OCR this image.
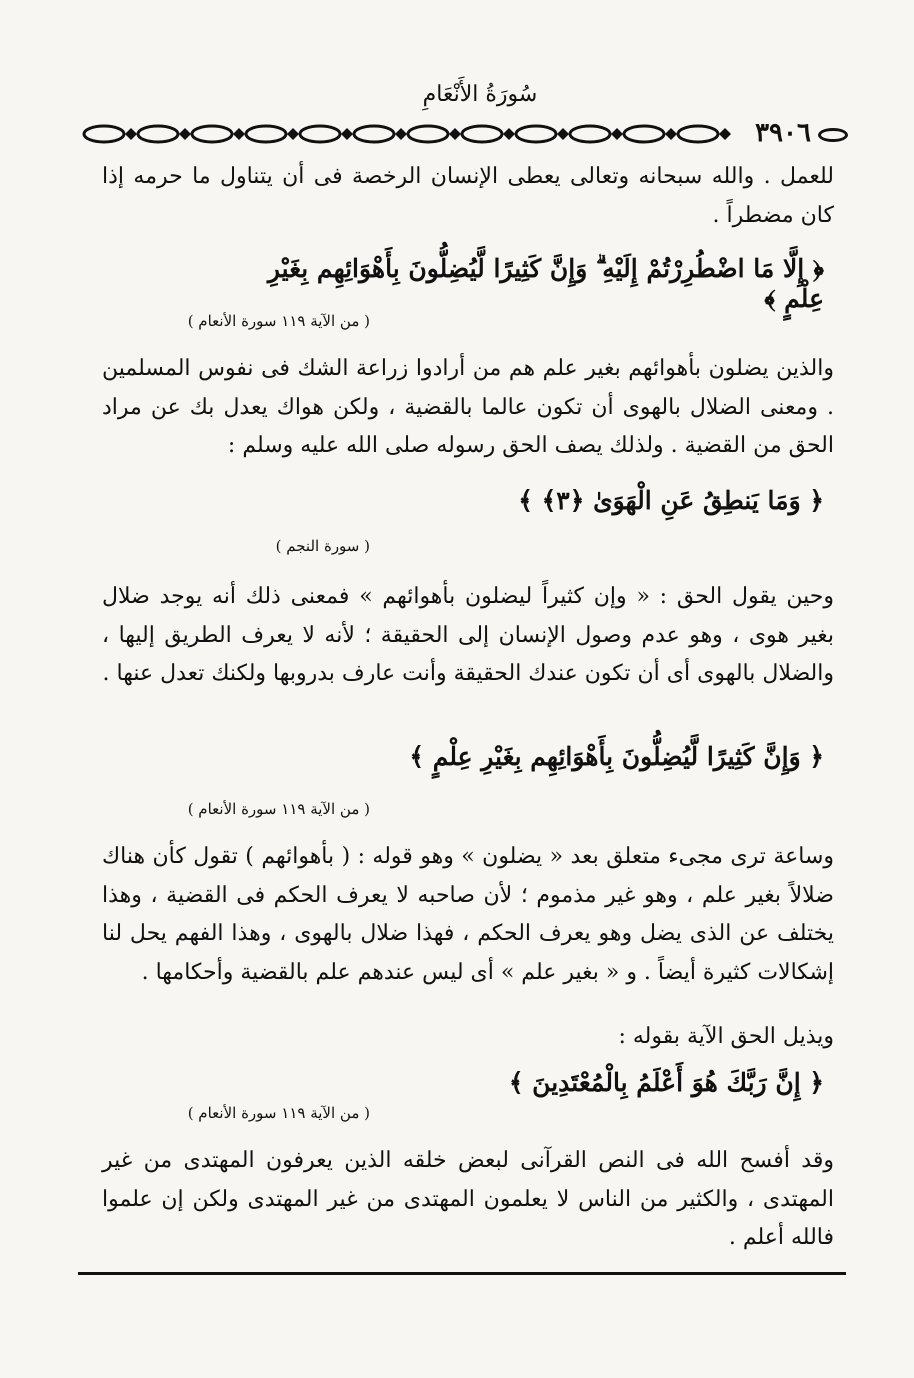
سُورَةُ الأَنْعَامِ
٣٩٠٦
للعمل . والله سبحانه وتعالى يعطى الإنسان الرخصة فى أن يتناول ما حرمه إذا كان مضطراً .
﴿ إِلَّا مَا اضْطُرِرْتُمْ إِلَيْهِ ۗ وَإِنَّ كَثِيرًا لَّيُضِلُّونَ بِأَهْوَائِهِم بِغَيْرِ عِلْمٍ ﴾
( من الآية ١١٩ سورة الأنعام )
والذين يضلون بأهوائهم بغير علم هم من أرادوا زراعة الشك فى نفوس المسلمين . ومعنى الضلال بالهوى أن تكون عالما بالقضية ، ولكن هواك يعدل بك عن مراد الحق من القضية . ولذلك يصف الحق رسوله صلى الله عليه وسلم :
﴿ وَمَا يَنطِقُ عَنِ الْهَوَىٰ ﴿٣﴾ ﴾
( سورة النجم )
وحين يقول الحق : « وإن كثيراً ليضلون بأهوائهم » فمعنى ذلك أنه يوجد ضلال بغير هوى ، وهو عدم وصول الإنسان إلى الحقيقة ؛ لأنه لا يعرف الطريق إليها ، والضلال بالهوى أى أن تكون عندك الحقيقة وأنت عارف بدروبها ولكنك تعدل عنها .
﴿ وَإِنَّ كَثِيرًا لَّيُضِلُّونَ بِأَهْوَائِهِم بِغَيْرِ عِلْمٍ ﴾
( من الآية ١١٩ سورة الأنعام )
وساعة ترى مجىء متعلق بعد « يضلون » وهو قوله : ( بأهوائهم ) تقول كأن هناك ضلالاً بغير علم ، وهو غير مذموم ؛ لأن صاحبه لا يعرف الحكم فى القضية ، وهذا يختلف عن الذى يضل وهو يعرف الحكم ، فهذا ضلال بالهوى ، وهذا الفهم يحل لنا إشكالات كثيرة أيضاً . و « بغير علم » أى ليس عندهم علم بالقضية وأحكامها .
ويذيل الحق الآية بقوله :
﴿ إِنَّ رَبَّكَ هُوَ أَعْلَمُ بِالْمُعْتَدِينَ ﴾
( من الآية ١١٩ سورة الأنعام )
وقد أفسح الله فى النص القرآنى لبعض خلقه الذين يعرفون المهتدى من غير المهتدى ، والكثير من الناس لا يعلمون المهتدى من غير المهتدى ولكن إن علموا فالله أعلم .
